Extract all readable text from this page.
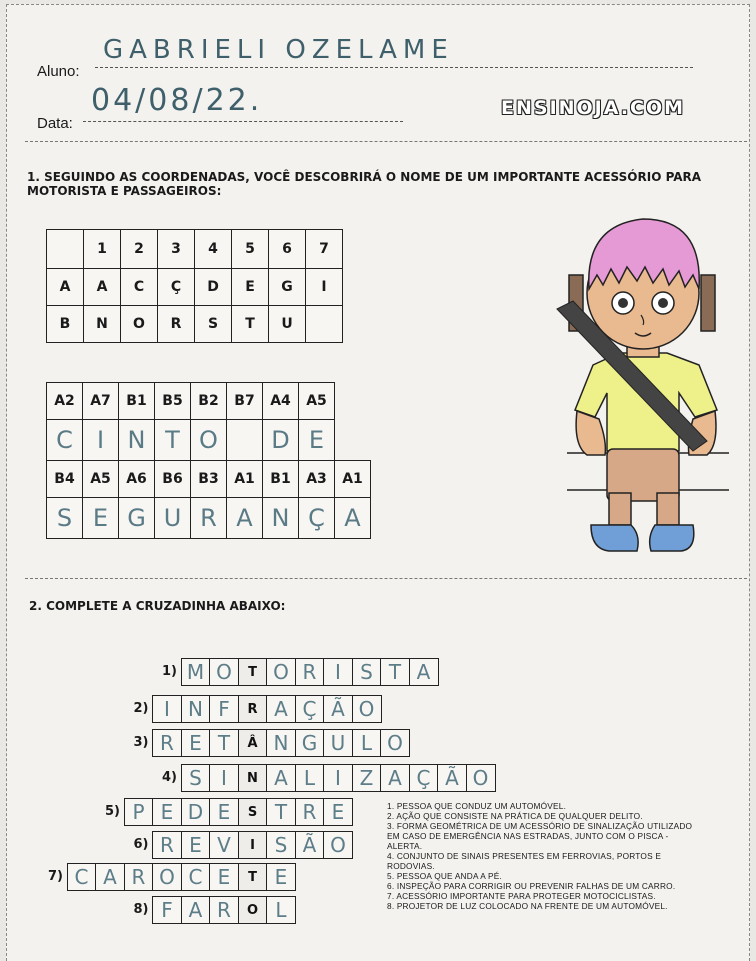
Aluno:
GABRIELI OZELAME
Data:
04/08/22.	ENSINOJA.COM
1. SEGUINDO AS COORDENADAS, VOCÊ DESCOBRIRÁ O NOME DE UM IMPORTANTE ACESSÓRIO PARA
MOTORISTA E PASSAGEIROS:
	1	2	3	4	5	6	7
A	A	C	Ç	D	E	G	I
B	N	O	R	S	T	U	
A2	A7	B1	B5	B2	B7	A4	A5	
C	I	N	T	O		D	E	
B4	A5	A6	B6	B3	A1	B1	A3	A1
S	E	G	U	R	A	N	Ç	A
2. COMPLETE A CRUZADINHA ABAIXO:
1) M O	T O R I S T A
2) I N F	R A Ç Ã O
3) R E T	Â N G U L O
4) S I	N A L I Z A Ç Ã O
5) P E D E	S T R E
6) R E V	I S Ã O
7) C A R O C E	T E
8) F A R	O L
1. PESSOA QUE CONDUZ UM AUTOMÓVEL.
2. AÇÃO QUE CONSISTE NA PRÁTICA DE QUALQUER DELITO.
3. FORMA GEOMÉTRICA DE UM ACESSÓRIO DE SINALIZAÇÃO UTILIZADO
EM CASO DE EMERGÊNCIA NAS ESTRADAS, JUNTO COM O PISCA -
ALERTA.
4. CONJUNTO DE SINAIS PRESENTES EM FERROVIAS, PORTOS E
RODOVIAS.
5. PESSOA QUE ANDA A PÉ.
6. INSPEÇÃO PARA CORRIGIR OU PREVENIR FALHAS DE UM CARRO.
7. ACESSÓRIO IMPORTANTE PARA PROTEGER MOTOCICLISTAS.
8. PROJETOR DE LUZ COLOCADO NA FRENTE DE UM AUTOMÓVEL.
